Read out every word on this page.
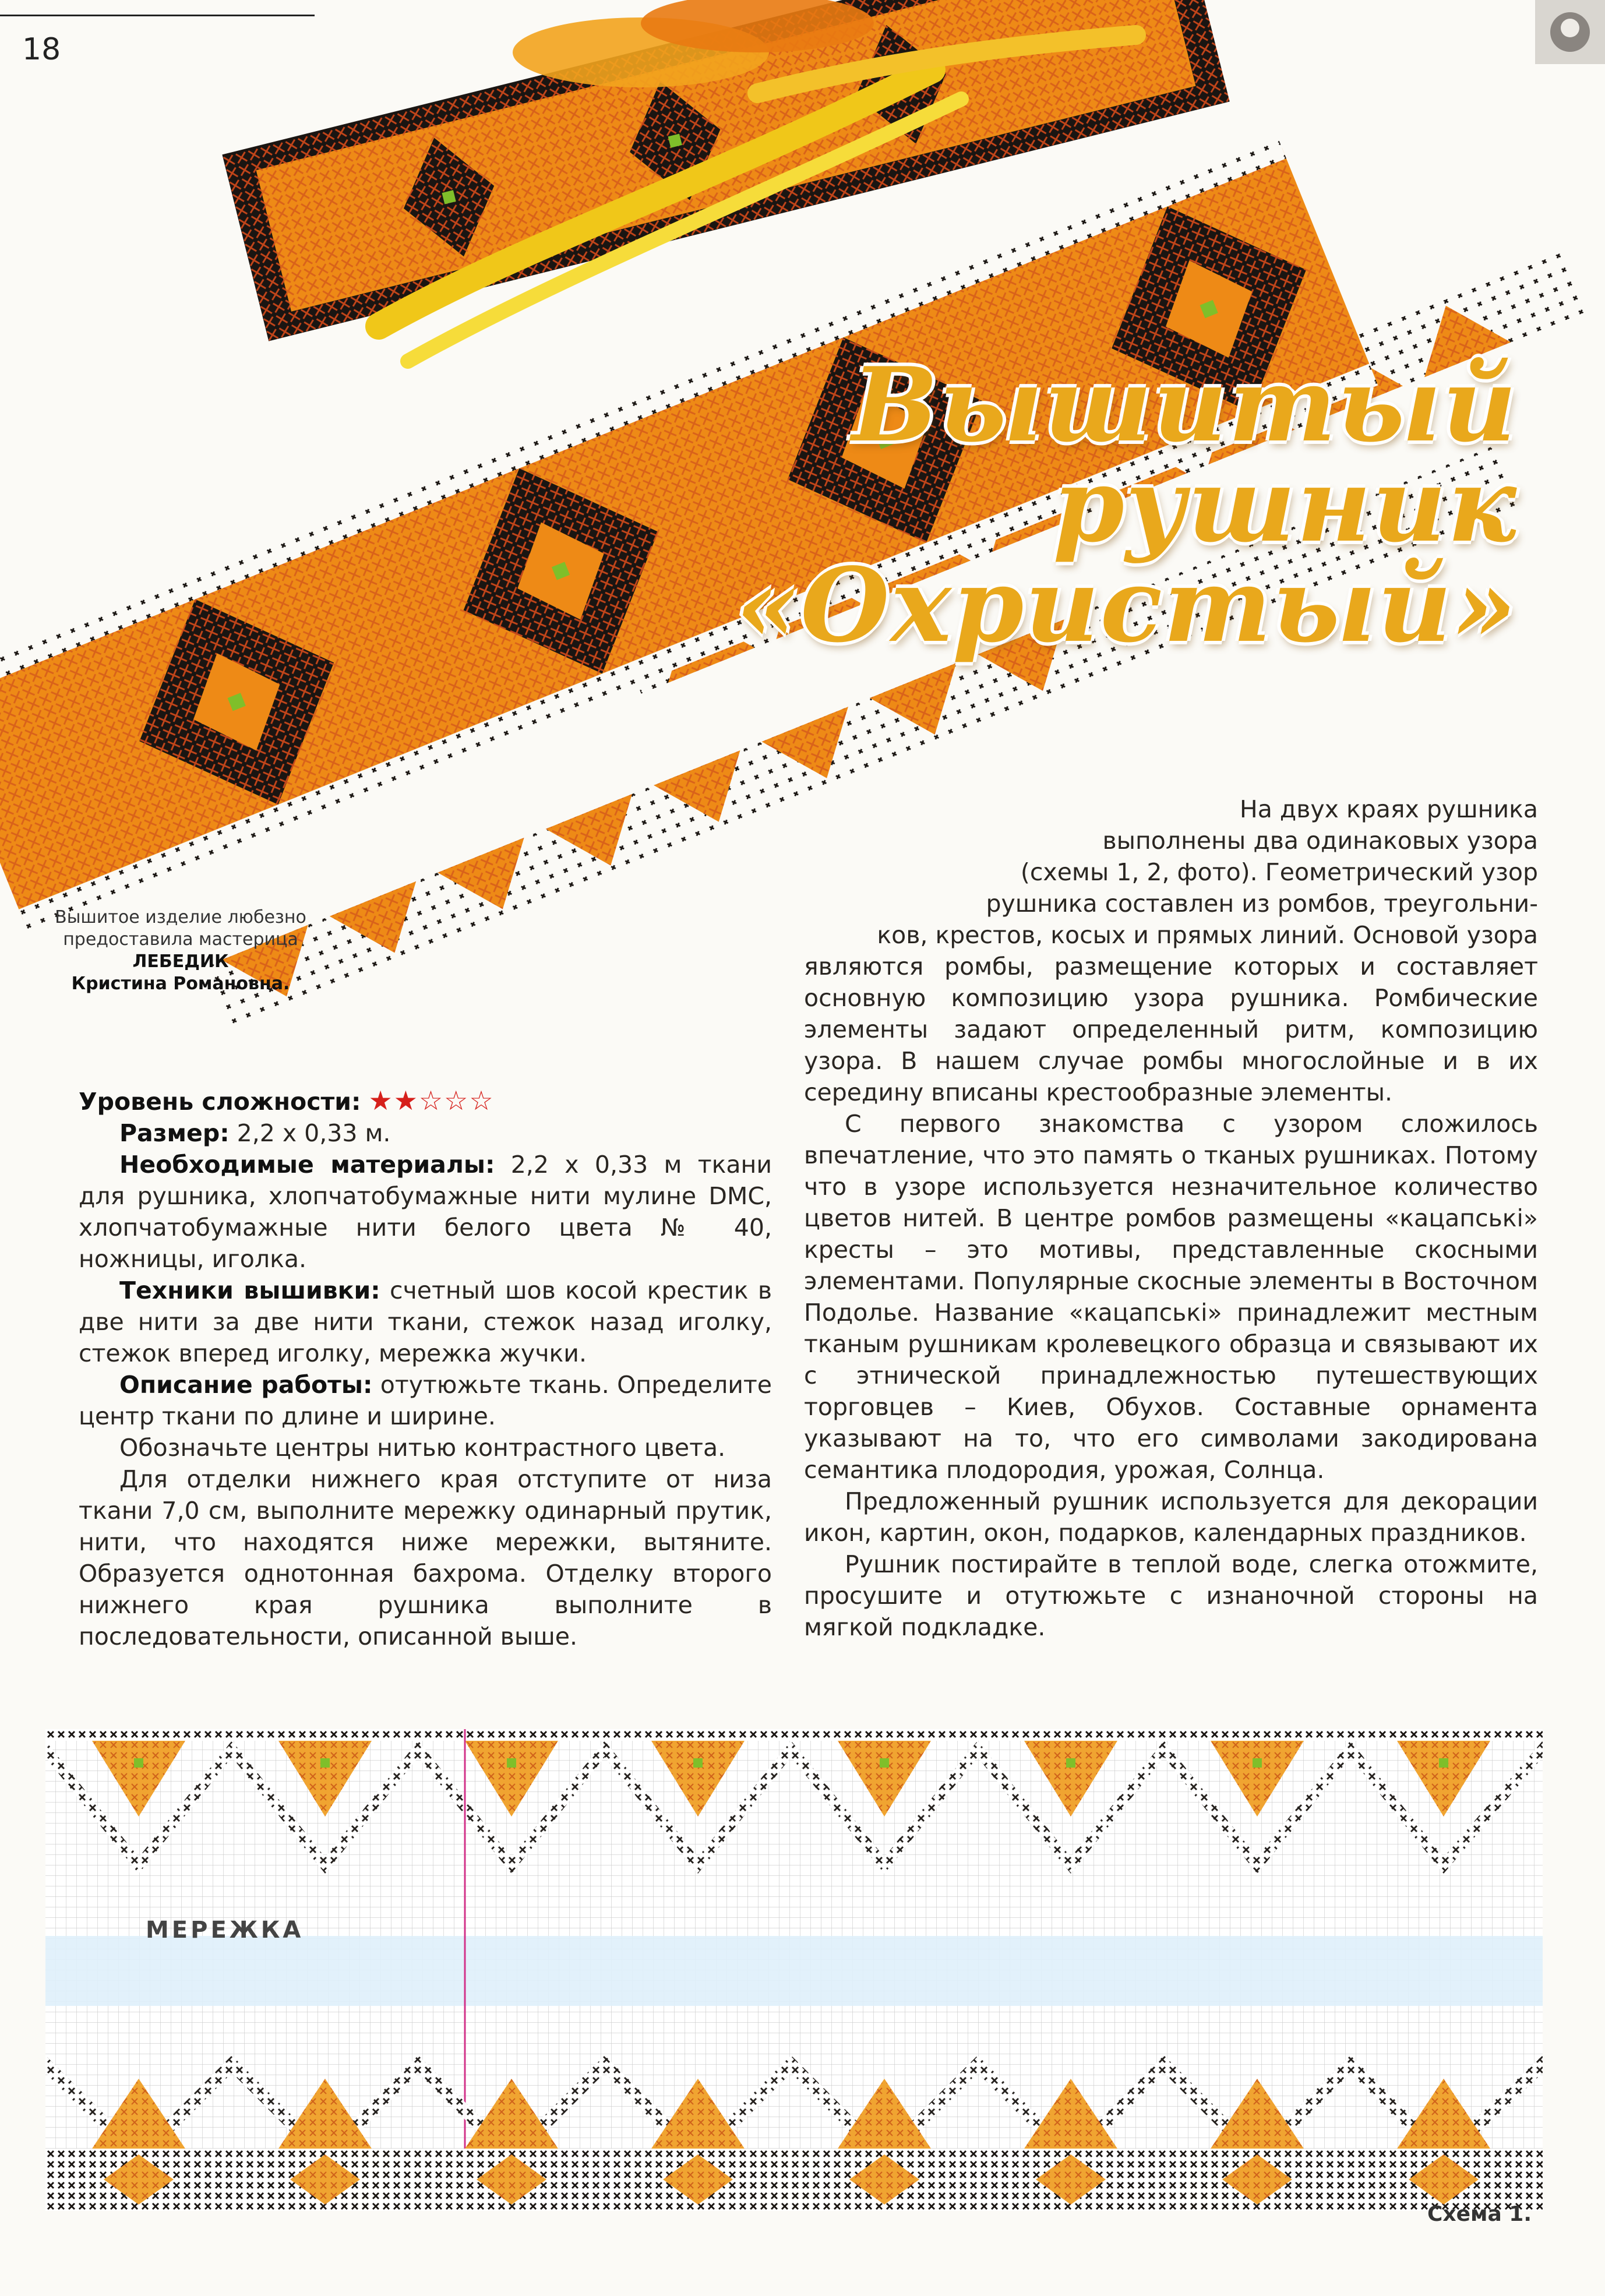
18
Вышитый
рушник
«Охристый»
Вышитое изделие любезно
предоставила мастерица
ЛЕБЕДИК
Кристина Романовна.

Уровень сложности: ★★☆☆☆

Размер: 2,2 х 0,33 м.

Необходимые материалы: 2,2 х 0,33 м ткани для рушника, хлопчатобумажные нити мулине DMC, хлопчатобумажные нити белого цвета № 40, ножницы, иголка.

Техники вышивки: счетный шов косой крестик в две нити за две нити ткани, стежок назад иголку, стежок вперед иголку, мережка жучки.

Описание работы: отутюжьте ткань. Определите центр ткани по длине и ширине.

Обозначьте центры нитью контрастного цвета.

Для отделки нижнего края отступите от низа ткани 7,0 см, выполните мережку одинарный прутик, нити, что находятся ниже мережки, вытяните. Образуется однотонная бахрома. Отделку второго нижнего края рушника выполните в последовательности, описанной выше.

На двух краях рушника

выполнены два одинаковых узора

(схемы 1, 2, фото). Геометрический узор

рушника составлен из ромбов, треугольни-

ков, крестов, косых и прямых линий. Основой узора

являются ромбы, размещение которых и составляет основную композицию узора рушника. Ромбические элементы задают определенный ритм, композицию узора. В нашем случае ромбы многослойные и в их середину вписаны крестообразные элементы.

С первого знакомства с узором сложилось впечатление, что это память о тканых рушниках. Потому что в узоре используется незначительное количество цветов нитей. В центре ромбов размещены «кацапські» кресты – это мотивы, представленные скосными элементами. Популярные скосные элементы в Восточном Подолье. Название «кацапські» принадлежит местным тканым рушникам кролевецкого образца и связывают их с этнической принадлежностью путешествующих торговцев – Киев, Обухов. Составные орнамента указывают на то, что его символами закодирована семантика плодородия, урожая, Солнца.

Предложенный рушник используется для декорации икон, картин, окон, подарков, календарных праздников.

Рушник постирайте в теплой воде, слегка отожмите, просушите и отутюжьте с изнаночной стороны на мягкой подкладке.

МЕРЕЖКА
Схема 1.
